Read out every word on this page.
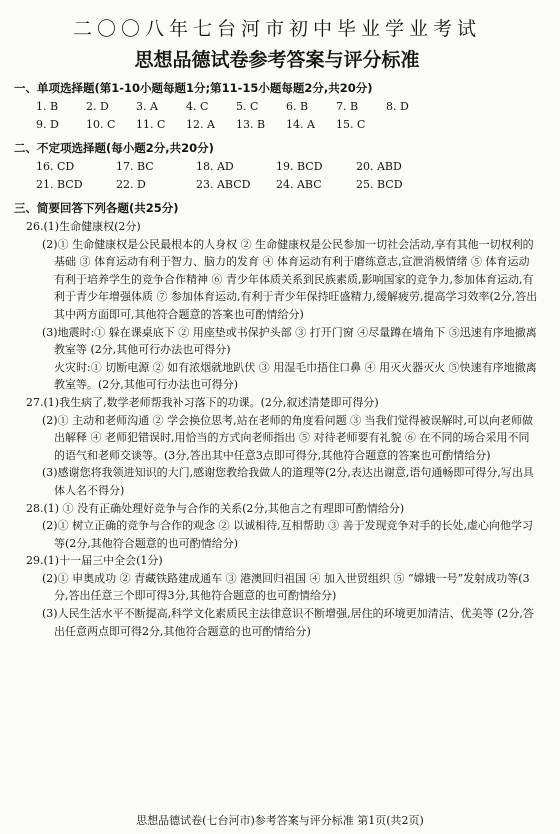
二〇〇八年七台河市初中毕业学业考试
思想品德试卷参考答案与评分标准
一、单项选择题(第1-10小题每题1分;第11-15小题每题2分,共20分)
1. B	2. D	3. A	4. C	5. C	6. B	7. B	8. D
9. D	10. C	11. C	12. A	13. B	14. A	15. C
二、不定项选择题(每小题2分,共20分)
16. CD	17. BC	18. AD	19. BCD	20. ABD
21. BCD	22. D	23. ABCD	24. ABC	25. BCD
三、简要回答下列各题(共25分)

26.(1)生命健康权(2分)

(2)① 生命健康权是公民最根本的人身权 ② 生命健康权是公民参加一切社会活动,享有其他一切权利的基础 ③ 体育运动有利于智力、脑力的发育 ④ 体育运动有利于磨练意志,宣泄消极情绪 ⑤ 体育运动有利于培养学生的竞争合作精神 ⑥ 青少年体质关系到民族素质,影响国家的竞争力,参加体育运动,有利于青少年增强体质 ⑦ 参加体育运动,有利于青少年保持旺盛精力,缓解疲劳,提高学习效率(2分,答出其中两方面即可,其他符合题意的答案也可酌情给分)

(3)地震时:① 躲在课桌底下 ② 用座垫或书保护头部 ③ 打开门窗 ④尽量蹲在墙角下 ⑤迅速有序地撤离教室等 (2分,其他可行办法也可得分)

火灾时:① 切断电源 ② 如有浓烟就地趴伏 ③ 用湿毛巾捂住口鼻 ④ 用灭火器灭火 ⑤快速有序地撤离教室等。(2分,其他可行办法也可得分)

27.(1)我生病了,数学老师帮我补习落下的功课。(2分,叙述清楚即可得分)

(2)① 主动和老师沟通 ② 学会换位思考,站在老师的角度看问题 ③ 当我们觉得被误解时,可以向老师做出解释 ④ 老师犯错误时,用恰当的方式向老师指出 ⑤ 对待老师要有礼貌 ⑥ 在不同的场合采用不同的语气和老师交谈等。(3分,答出其中任意3点即可得分,其他符合题意的答案也可酌情给分)

(3)感谢您将我领进知识的大门,感谢您教给我做人的道理等(2分,表达出谢意,语句通畅即可得分,写出具体人名不得分)

28.(1) ① 没有正确处理好竞争与合作的关系(2分,其他言之有理即可酌情给分)

(2)① 树立正确的竞争与合作的观念 ② 以诚相待,互相帮助 ③ 善于发现竞争对手的长处,虚心向他学习等(2分,其他符合题意的也可酌情给分)

29.(1)十一届三中全会(1分)

(2)① 申奥成功 ② 青藏铁路建成通车 ③ 港澳回归祖国 ④ 加入世贸组织 ⑤ “嫦娥一号”发射成功等(3分,答出任意三个即可得3分,其他符合题意的也可酌情给分)

(3)人民生活水平不断提高,科学文化素质民主法律意识不断增强,居住的环境更加清洁、优美等 (2分,答出任意两点即可得2分,其他符合题意的也可酌情给分)

思想品德试卷(七台河市)参考答案与评分标准 第1页(共2页)
